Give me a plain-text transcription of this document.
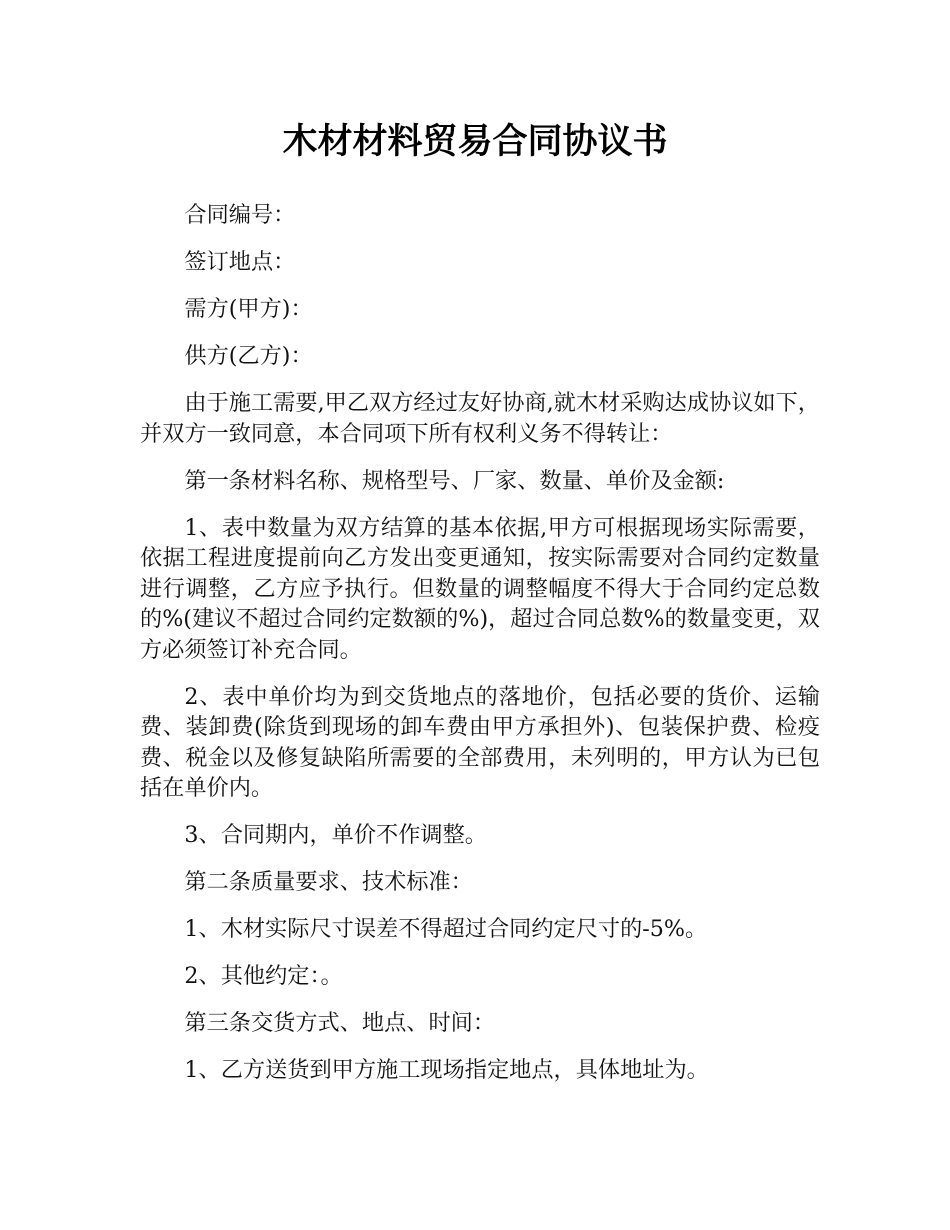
木材材料贸易合同协议书

合同编号：

签订地点：

需方(甲方)：

供方(乙方)：

由于施工需要,甲乙双方经过友好协商,就木材采购达成协议如下，并双方一致同意，本合同项下所有权利义务不得转让：

第一条材料名称、规格型号、厂家、数量、单价及金额:

1、表中数量为双方结算的基本依据,甲方可根据现场实际需要，依据工程进度提前向乙方发出变更通知，按实际需要对合同约定数量进行调整，乙方应予执行。但数量的调整幅度不得大于合同约定总数的%(建议不超过合同约定数额的%)，超过合同总数%的数量变更，双方必须签订补充合同。

2、表中单价均为到交货地点的落地价，包括必要的货价、运输费、装卸费(除货到现场的卸车费由甲方承担外)、包装保护费、检疫费、税金以及修复缺陷所需要的全部费用，未列明的，甲方认为已包括在单价内。

3、合同期内，单价不作调整。

第二条质量要求、技术标准：

1、木材实际尺寸误差不得超过合同约定尺寸的-5%。

2、其他约定：。

第三条交货方式、地点、时间：

1、乙方送货到甲方施工现场指定地点，具体地址为。
